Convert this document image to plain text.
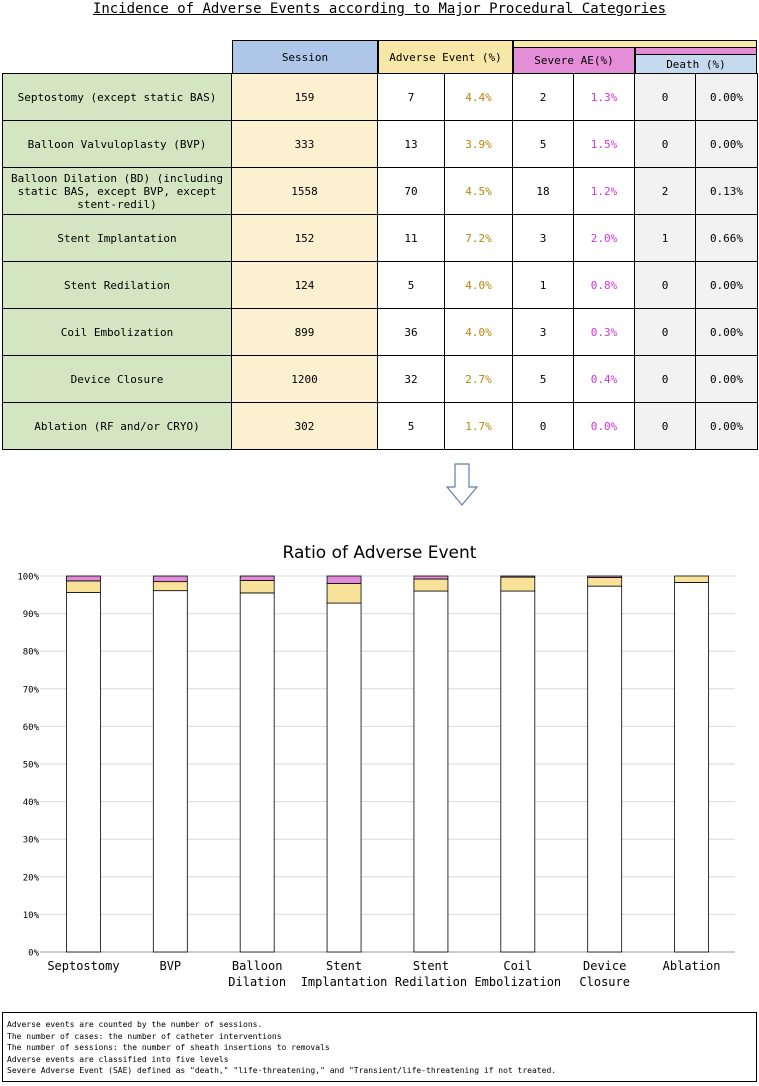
Incidence of Adverse Events according to Major Procedural Categories
Session	Adverse Event (%)	Severe AE(%)	Death (%)
Septostomy (except static BAS)	159	7	4.4%	2	1.3%	0	0.00%
Balloon Valvuloplasty (BVP)	333	13	3.9%	5	1.5%	0	0.00%
Balloon Dilation (BD) (including static BAS, except BVP, except stent-redil)	1558	70	4.5%	18	1.2%	2	0.13%
Stent Implantation	152	11	7.2%	3	2.0%	1	0.66%
Stent Redilation	124	5	4.0%	1	0.8%	0	0.00%
Coil Embolization	899	36	4.0%	3	0.3%	0	0.00%
Device Closure	1200	32	2.7%	5	0.4%	0	0.00%
Ablation (RF and/or CRYO)	302	5	1.7%	0	0.0%	0	0.00%
Ratio of Adverse Event
0%
10%
20%
30%
40%
50%
60%
70%
80%
90%
100%
Septostomy	BVP	Balloon
Dilation
Stent
Implantation
Stent
Redilation
Coil
Embolization
Device
Closure
Ablation
Adverse events are counted by the number of sessions.
The number of cases: the number of catheter interventions
The number of sessions: the number of sheath insertions to removals
Adverse events are classified into five levels
Severe Adverse Event (SAE) defined as "death," "life-threatening," and "Transient/life-threatening if not treated.
